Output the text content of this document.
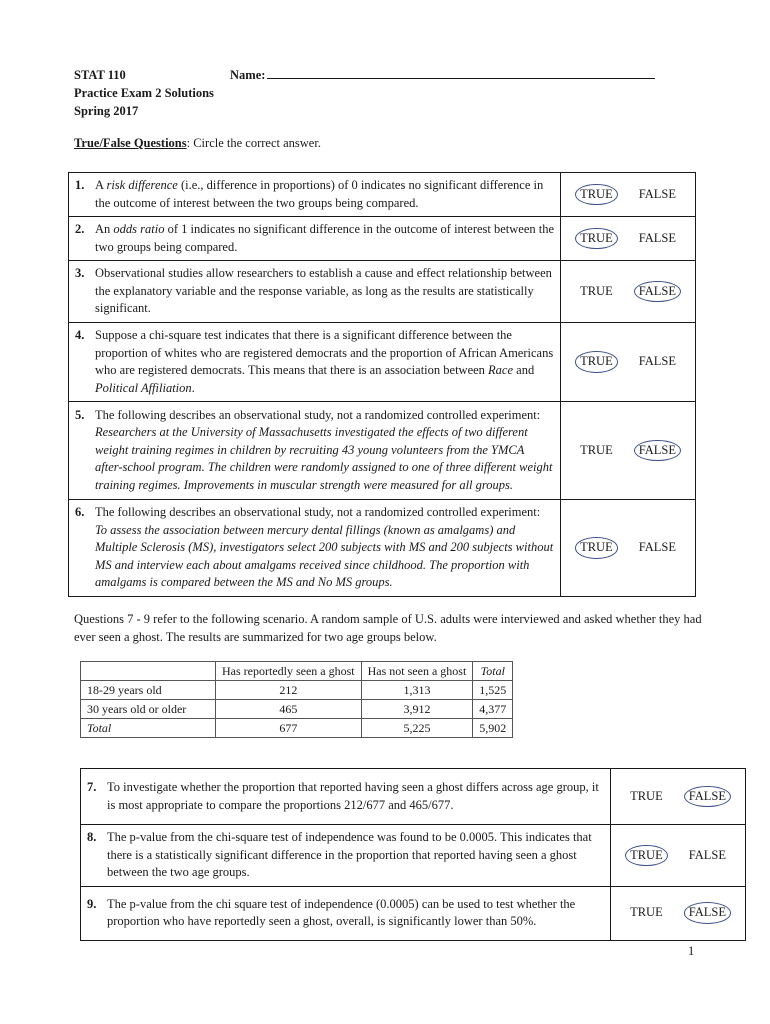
STAT 110
Practice Exam 2 Solutions
Spring 2017
Name:
True/False Questions: Circle the correct answer.
1. A risk difference (i.e., difference in proportions) of 0 indicates no significant difference in the outcome of interest between the two groups being compared.	TRUE FALSE

2. An odds ratio of 1 indicates no significant difference in the outcome of interest between the two groups being compared.	TRUE FALSE

3. Observational studies allow researchers to establish a cause and effect relationship between the explanatory variable and the response variable, as long as the results are statistically significant.	TRUE FALSE

4. Suppose a chi-square test indicates that there is a significant difference between the proportion of whites who are registered democrats and the proportion of African Americans who are registered democrats. This means that there is an association between Race and Political Affiliation.	TRUE FALSE

5. The following describes an observational study, not a randomized controlled experiment: Researchers at the University of Massachusetts investigated the effects of two different weight training regimes in children by recruiting 43 young volunteers from the YMCA after-school program. The children were randomly assigned to one of three different weight training regimes. Improvements in muscular strength were measured for all groups.	TRUE FALSE

6. The following describes an observational study, not a randomized controlled experiment: To assess the association between mercury dental fillings (known as amalgams) and Multiple Sclerosis (MS), investigators select 200 subjects with MS and 200 subjects without MS and interview each about amalgams received since childhood. The proportion with amalgams is compared between the MS and No MS groups.	TRUE FALSE
Questions 7 - 9 refer to the following scenario. A random sample of U.S. adults were interviewed and asked whether they had ever seen a ghost. The results are summarized for two age groups below.
	Has reportedly seen a ghost	Has not seen a ghost	Total
18-29 years old	212	1,313	1,525
30 years old or older	465	3,912	4,377
Total	677	5,225	5,902
7. To investigate whether the proportion that reported having seen a ghost differs across age group, it is most appropriate to compare the proportions 212/677 and 465/677.	TRUE FALSE

8. The p-value from the chi-square test of independence was found to be 0.0005. This indicates that there is a statistically significant difference in the proportion that reported having seen a ghost between the two age groups.	TRUE FALSE

9. The p-value from the chi square test of independence (0.0005) can be used to test whether the proportion who have reportedly seen a ghost, overall, is significantly lower than 50%.	TRUE FALSE
1
